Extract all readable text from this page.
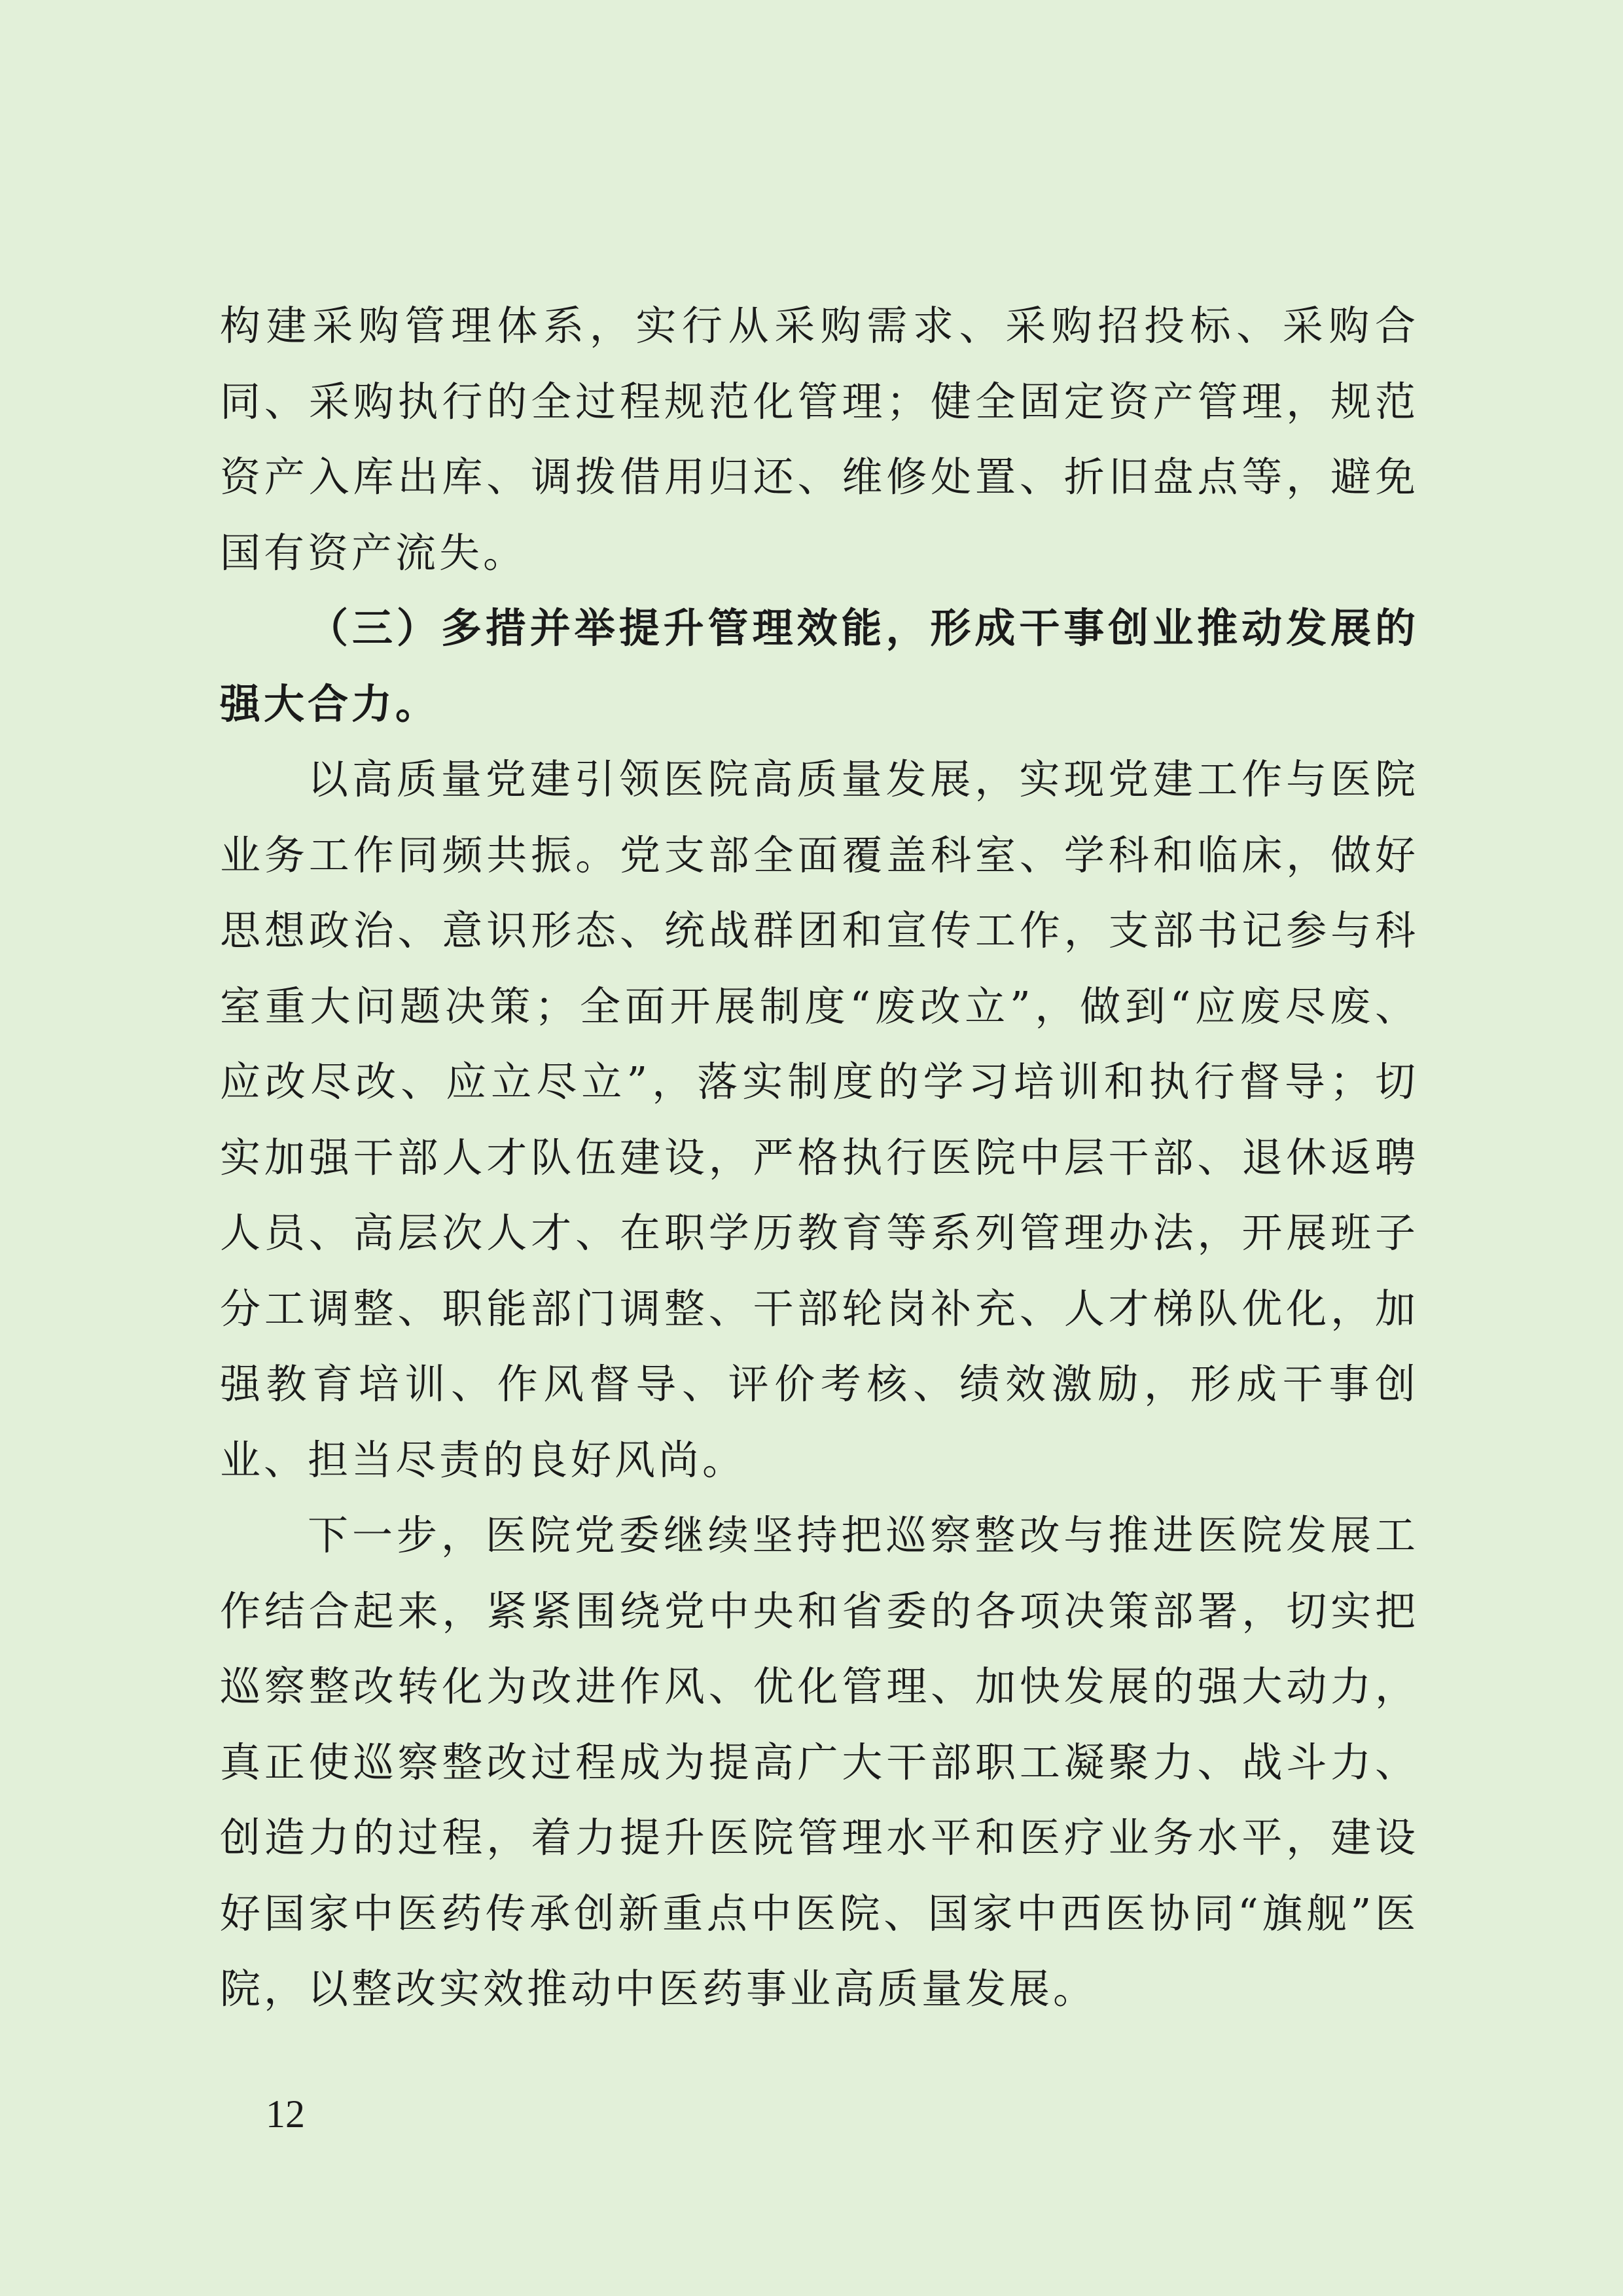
构建采购管理体系，实行从采购需求、采购招投标、采购合同、采购执行的全过程规范化管理；健全固定资产管理，规范资产入库出库、调拨借用归还、维修处置、折旧盘点等，避免国有资产流失。

（三）多措并举提升管理效能，形成干事创业推动发展的强大合力。

以高质量党建引领医院高质量发展，实现党建工作与医院业务工作同频共振。党支部全面覆盖科室、学科和临床，做好思想政治、意识形态、统战群团和宣传工作，支部书记参与科室重大问题决策；全面开展制度“废改立”，做到“应废尽废、应改尽改、应立尽立”，落实制度的学习培训和执行督导；切实加强干部人才队伍建设，严格执行医院中层干部、退休返聘人员、高层次人才、在职学历教育等系列管理办法，开展班子分工调整、职能部门调整、干部轮岗补充、人才梯队优化，加强教育培训、作风督导、评价考核、绩效激励，形成干事创业、担当尽责的良好风尚。

下一步，医院党委继续坚持把巡察整改与推进医院发展工作结合起来，紧紧围绕党中央和省委的各项决策部署，切实把巡察整改转化为改进作风、优化管理、加快发展的强大动力，真正使巡察整改过程成为提高广大干部职工凝聚力、战斗力、创造力的过程，着力提升医院管理水平和医疗业务水平，建设好国家中医药传承创新重点中医院、国家中西医协同“旗舰”医院，以整改实效推动中医药事业高质量发展。

12
